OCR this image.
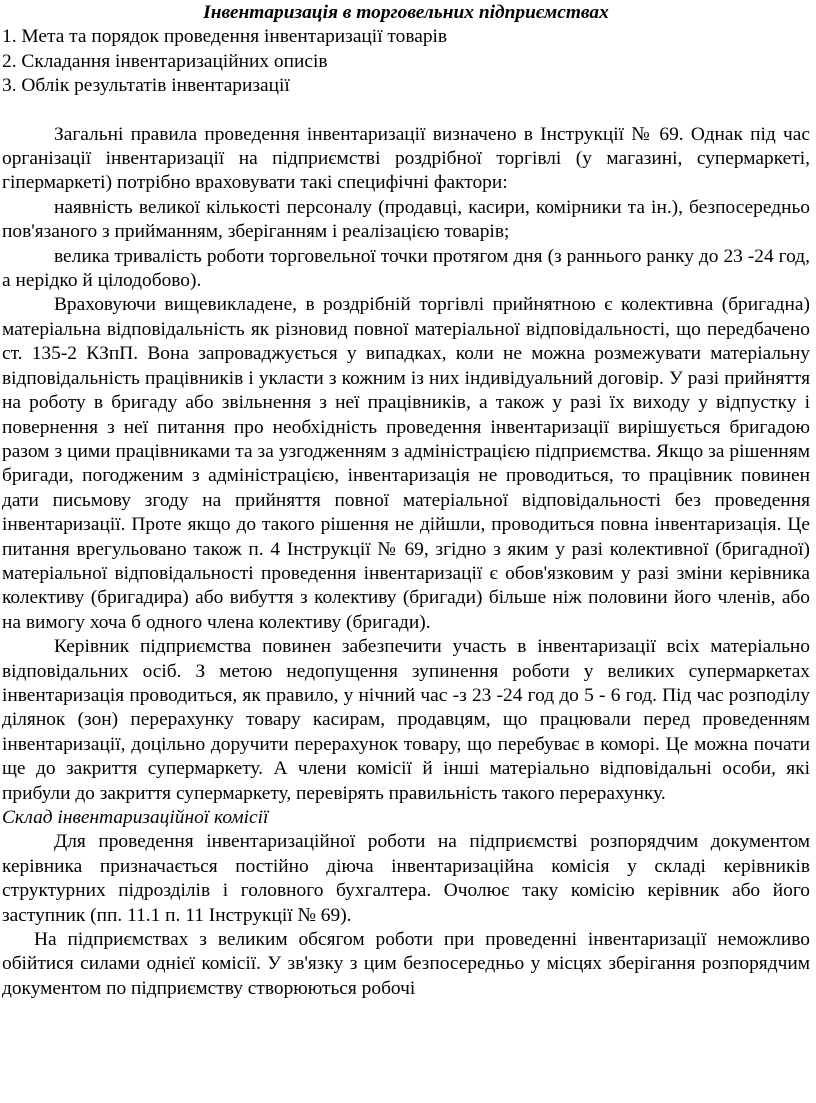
Інвентаризація в торговельних підприємствах
1. Мета та порядок проведення інвентаризації товарів
2. Складання інвентаризаційних описів
3. Облік результатів інвентаризації

Загальні правила проведення інвентаризації визначено в Інструкції № 69. Однак під час організації інвентаризації на підприємстві роздрібної торгівлі (у магазині, супермаркеті, гіпермаркеті) потрібно враховувати такі специфічні фактори:

наявність великої кількості персоналу (продавці, касири, комірники та ін.), безпосередньо пов'язаного з прийманням, зберіганням і реалізацією товарів;

велика тривалість роботи торговельної точки протягом дня (з раннього ранку до 23 -24 год, а нерідко й цілодобово).

Враховуючи вищевикладене, в роздрібній торгівлі прийнятною є колективна (бригадна) матеріальна відповідальність як різновид повної матеріальної відповідальності, що передбачено ст. 135-2 КЗпП. Вона запроваджується у випадках, коли не можна розмежувати матеріальну відповідальність працівників і укласти з кожним із них індивідуальний договір. У разі прийняття на роботу в бригаду або звільнення з неї працівників, а також у разі їх виходу у відпустку і повернення з неї питання про необхідність проведення інвентаризації вирішується бригадою разом з цими працівниками та за узгодженням з адміністрацією підприємства. Якщо за рішенням бригади, погодженим з адміністрацією, інвентаризація не проводиться, то працівник повинен дати письмову згоду на прийняття повної матеріальної відповідальності без проведення інвентаризації. Проте якщо до такого рішення не дійшли, проводиться повна інвентаризація. Це питання врегульовано також п. 4 Інструкції № 69, згідно з яким у разі колективної (бригадної) матеріальної відповідальності проведення інвентаризації є обов'язковим у разі зміни керівника колективу (бригадира) або вибуття з колективу (бригади) більше ніж половини його членів, або на вимогу хоча б одного члена колективу (бригади).

Керівник підприємства повинен забезпечити участь в інвентаризації всіх матеріально відповідальних осіб. З метою недопущення зупинення роботи у великих супермаркетах інвентаризація проводиться, як правило, у нічний час -з 23 -24 год до 5 - 6 год. Під час розподілу ділянок (зон) перерахунку товару касирам, продавцям, що працювали перед проведенням інвентаризації, доцільно доручити перерахунок товару, що перебуває в коморі. Це можна почати ще до закриття супермаркету. А члени комісії й інші матеріально відповідальні особи, які прибули до закриття супермаркету, перевірять правильність такого перерахунку.

Склад інвентаризаційної комісії

Для проведення інвентаризаційної роботи на підприємстві розпорядчим документом керівника призначається постійно діюча інвентаризаційна комісія у складі керівників структурних підрозділів і головного бухгалтера. Очолює таку комісію керівник або його заступник (пп. 11.1 п. 11 Інструкції № 69).

На підприємствах з великим обсягом роботи при проведенні інвентаризації неможливо обійтися силами однієї комісії. У зв'язку з цим безпосередньо у місцях зберігання розпорядчим документом по підприємству створюються робочі
